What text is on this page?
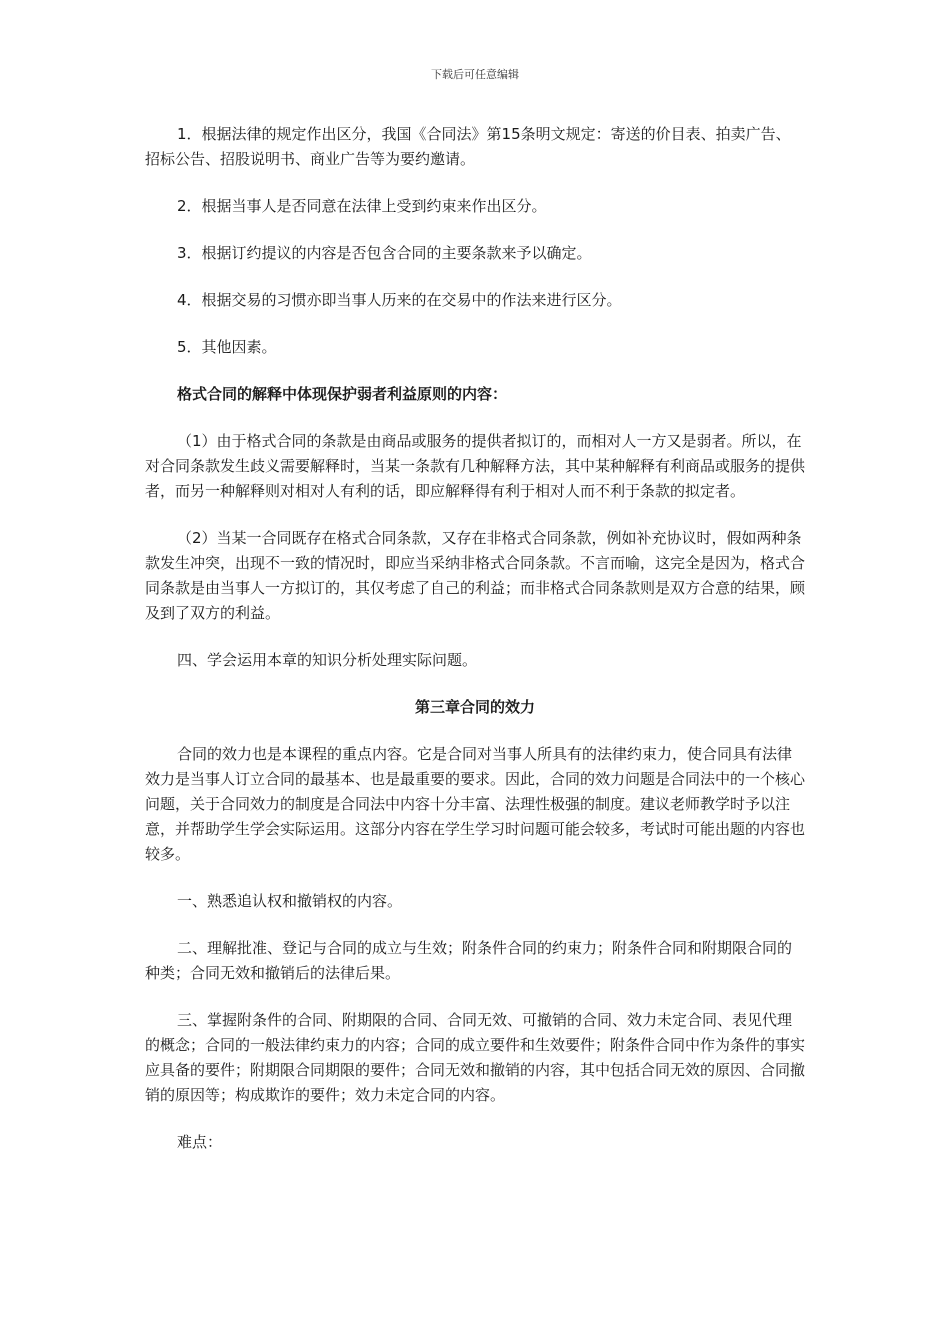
下载后可任意编辑

1．根据法律的规定作出区分，我国《合同法》第15条明文规定：寄送的价目表、拍卖广告、招标公告、招股说明书、商业广告等为要约邀请。

2．根据当事人是否同意在法律上受到约束来作出区分。

3．根据订约提议的内容是否包含合同的主要条款来予以确定。

4．根据交易的习惯亦即当事人历来的在交易中的作法来进行区分。

5．其他因素。

格式合同的解释中体现保护弱者利益原则的内容：

（1）由于格式合同的条款是由商品或服务的提供者拟订的，而相对人一方又是弱者。所以，在对合同条款发生歧义需要解释时，当某一条款有几种解释方法，其中某种解释有利商品或服务的提供者，而另一种解释则对相对人有利的话，即应解释得有利于相对人而不利于条款的拟定者。

（2）当某一合同既存在格式合同条款，又存在非格式合同条款，例如补充协议时，假如两种条款发生冲突，出现不一致的情况时，即应当采纳非格式合同条款。不言而喻，这完全是因为，格式合同条款是由当事人一方拟订的，其仅考虑了自己的利益；而非格式合同条款则是双方合意的结果，顾及到了双方的利益。

四、学会运用本章的知识分析处理实际问题。

第三章合同的效力

合同的效力也是本课程的重点内容。它是合同对当事人所具有的法律约束力，使合同具有法律效力是当事人订立合同的最基本、也是最重要的要求。因此，合同的效力问题是合同法中的一个核心问题，关于合同效力的制度是合同法中内容十分丰富、法理性极强的制度。建议老师教学时予以注意，并帮助学生学会实际运用。这部分内容在学生学习时问题可能会较多，考试时可能出题的内容也较多。

一、熟悉追认权和撤销权的内容。

二、理解批准、登记与合同的成立与生效；附条件合同的约束力；附条件合同和附期限合同的种类；合同无效和撤销后的法律后果。

三、掌握附条件的合同、附期限的合同、合同无效、可撤销的合同、效力未定合同、表见代理的概念；合同的一般法律约束力的内容；合同的成立要件和生效要件；附条件合同中作为条件的事实应具备的要件；附期限合同期限的要件；合同无效和撤销的内容，其中包括合同无效的原因、合同撤销的原因等；构成欺诈的要件；效力未定合同的内容。

难点：
